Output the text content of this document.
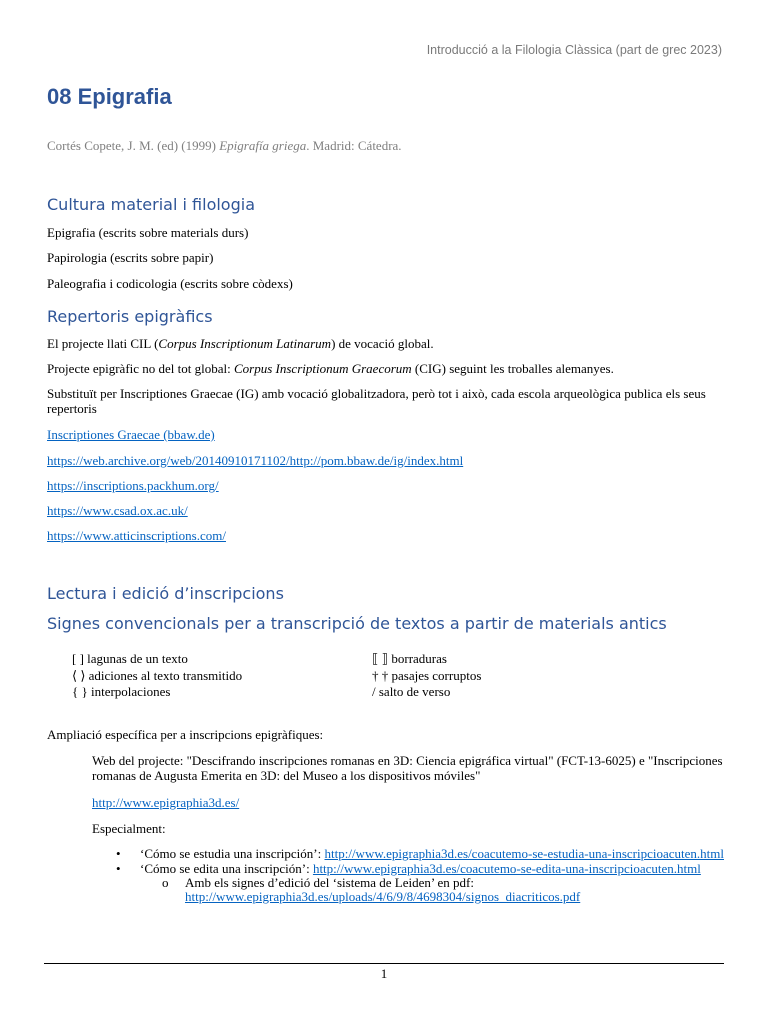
Introducció a la Filologia Clàssica (part de grec 2023)
08 Epigrafia
Cortés Copete, J. M. (ed) (1999) Epigrafía griega. Madrid: Cátedra.
Cultura material i filologia

Epigrafia (escrits sobre materials durs)

Papirologia (escrits sobre papir)

Paleografia i codicologia (escrits sobre còdexs)

Repertoris epigràfics

El projecte llati CIL (Corpus Inscriptionum Latinarum) de vocació global.

Projecte epigràfic no del tot global: Corpus Inscriptionum Graecorum (CIG) seguint les troballes alemanyes.

Substituït per Inscriptiones Graecae (IG) amb vocació globalitzadora, però tot i això, cada escola arqueològica publica els seus repertoris

Inscriptiones Graecae (bbaw.de)
https://web.archive.org/web/20140910171102/http://pom.bbaw.de/ig/index.html
https://inscriptions.packhum.org/
https://www.csad.ox.ac.uk/
https://www.atticinscriptions.com/
Lectura i edició d’inscripcions
Signes convencionals per a transcripció de textos a partir de materials antics
[ ] lagunas de un texto	⟦ ⟧ borraduras
⟨ ⟩ adiciones al texto transmitido	† † pasajes corruptos
{ } interpolaciones	/ salto de verso

Ampliació específica per a inscripcions epigràfiques:

Web del projecte: "Descifrando inscripciones romanas en 3D: Ciencia epigráfica virtual" (FCT-13-6025) e "Inscripciones romanas de Augusta Emerita en 3D: del Museo a los dispositivos móviles"

http://www.epigraphia3d.es/

Especialment:

• ‘Cómo se estudia una inscripción’: http://www.epigraphia3d.es/coacutemo-se-estudia-una-inscripcioacuten.html
• ‘Cómo se edita una inscripción’: http://www.epigraphia3d.es/coacutemo-se-edita-una-inscripcioacuten.html
o Amb els signes d’edició del ‘sistema de Leiden’ en pdf:
http://www.epigraphia3d.es/uploads/4/6/9/8/4698304/signos_diacriticos.pdf
1
